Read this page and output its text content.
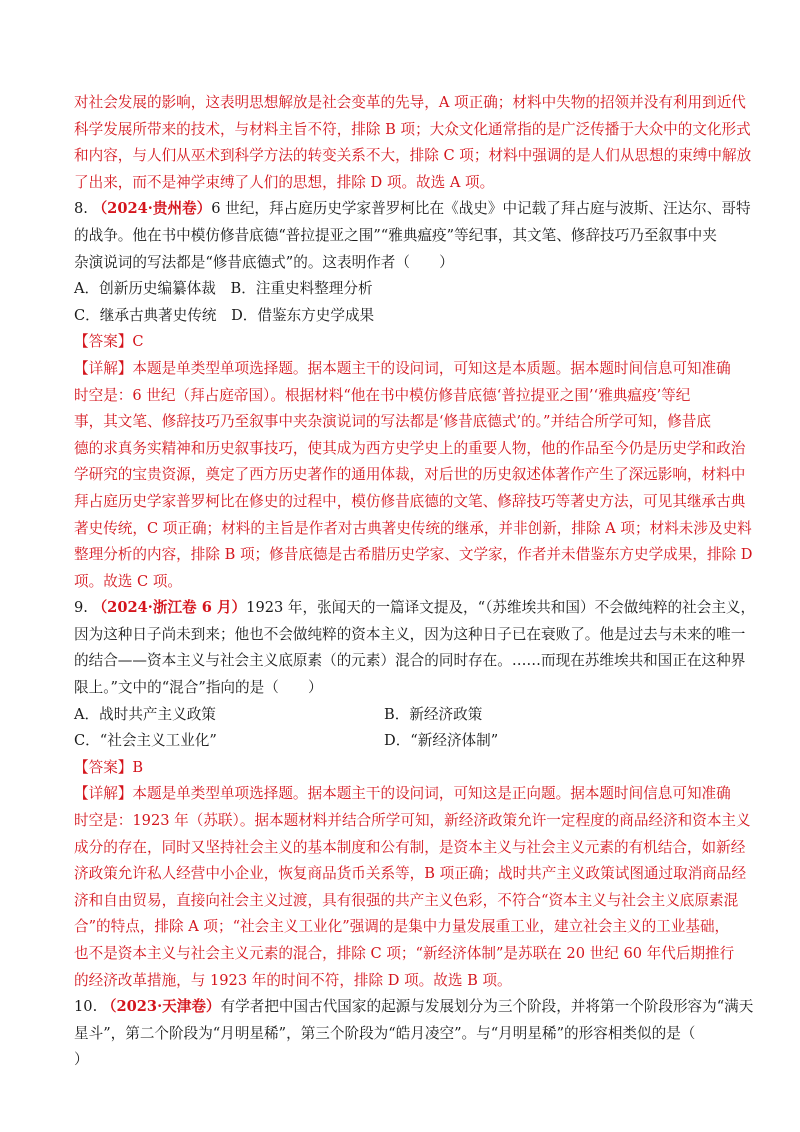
对社会发展的影响，这表明思想解放是社会变革的先导，A 项正确；材料中失物的招领并没有利用到近代
科学发展所带来的技术，与材料主旨不符，排除 B 项；大众文化通常指的是广泛传播于大众中的文化形式
和内容，与人们从巫术到科学方法的转变关系不大，排除 C 项；材料中强调的是人们从思想的束缚中解放
了出来，而不是神学束缚了人们的思想，排除 D 项。故选 A 项。
8. （2024·贵州卷）6 世纪，拜占庭历史学家普罗柯比在《战史》中记载了拜占庭与波斯、汪达尔、哥特
的战争。他在书中模仿修昔底德“普拉提亚之围”“雅典瘟疫”等纪事，其文笔、修辞技巧乃至叙事中夹
杂演说词的写法都是“修昔底德式”的。这表明作者（　　）
A．创新历史编纂体裁　B．注重史料整理分析
C．继承古典著史传统　D．借鉴东方史学成果
【答案】C
【详解】本题是单类型单项选择题。据本题主干的设问词，可知这是本质题。据本题时间信息可知准确
时空是：6 世纪（拜占庭帝国）。根据材料“他在书中模仿修昔底德‘普拉提亚之围’‘雅典瘟疫’等纪
事，其文笔、修辞技巧乃至叙事中夹杂演说词的写法都是‘修昔底德式’的。”并结合所学可知，修昔底
德的求真务实精神和历史叙事技巧，使其成为西方史学史上的重要人物，他的作品至今仍是历史学和政治
学研究的宝贵资源，奠定了西方历史著作的通用体裁，对后世的历史叙述体著作产生了深远影响，材料中
拜占庭历史学家普罗柯比在修史的过程中，模仿修昔底德的文笔、修辞技巧等著史方法，可见其继承古典
著史传统，C 项正确；材料的主旨是作者对古典著史传统的继承，并非创新，排除 A 项；材料未涉及史料
整理分析的内容，排除 B 项；修昔底德是古希腊历史学家、文学家，作者并未借鉴东方史学成果，排除 D
项。故选 C 项。
9. （2024·浙江卷 6 月）1923 年，张闻天的一篇译文提及，“（苏维埃共和国）不会做纯粹的社会主义，
因为这种日子尚未到来；他也不会做纯粹的资本主义，因为这种日子已在衰败了。他是过去与未来的唯一
的结合——资本主义与社会主义底原素（的元素）混合的同时存在。……而现在苏维埃共和国正在这种界
限上。”文中的“混合”指向的是（　　）
A．战时共产主义政策	B．新经济政策
C．“社会主义工业化”	D．“新经济体制”
【答案】B
【详解】本题是单类型单项选择题。据本题主干的设问词，可知这是正向题。据本题时间信息可知准确
时空是：1923 年（苏联）。据本题材料并结合所学可知，新经济政策允许一定程度的商品经济和资本主义
成分的存在，同时又坚持社会主义的基本制度和公有制，是资本主义与社会主义元素的有机结合，如新经
济政策允许私人经营中小企业，恢复商品货币关系等，B 项正确；战时共产主义政策试图通过取消商品经
济和自由贸易，直接向社会主义过渡，具有很强的共产主义色彩，不符合“资本主义与社会主义底原素混
合”的特点，排除 A 项；“社会主义工业化”强调的是集中力量发展重工业，建立社会主义的工业基础，
也不是资本主义与社会主义元素的混合，排除 C 项；“新经济体制”是苏联在 20 世纪 60 年代后期推行
的经济改革措施，与 1923 年的时间不符，排除 D 项。故选 B 项。
10. （2023·天津卷）有学者把中国古代国家的起源与发展划分为三个阶段，并将第一个阶段形容为“满天
星斗”，第二个阶段为“月明星稀”，第三个阶段为“皓月凌空”。与“月明星稀”的形容相类似的是（
）
